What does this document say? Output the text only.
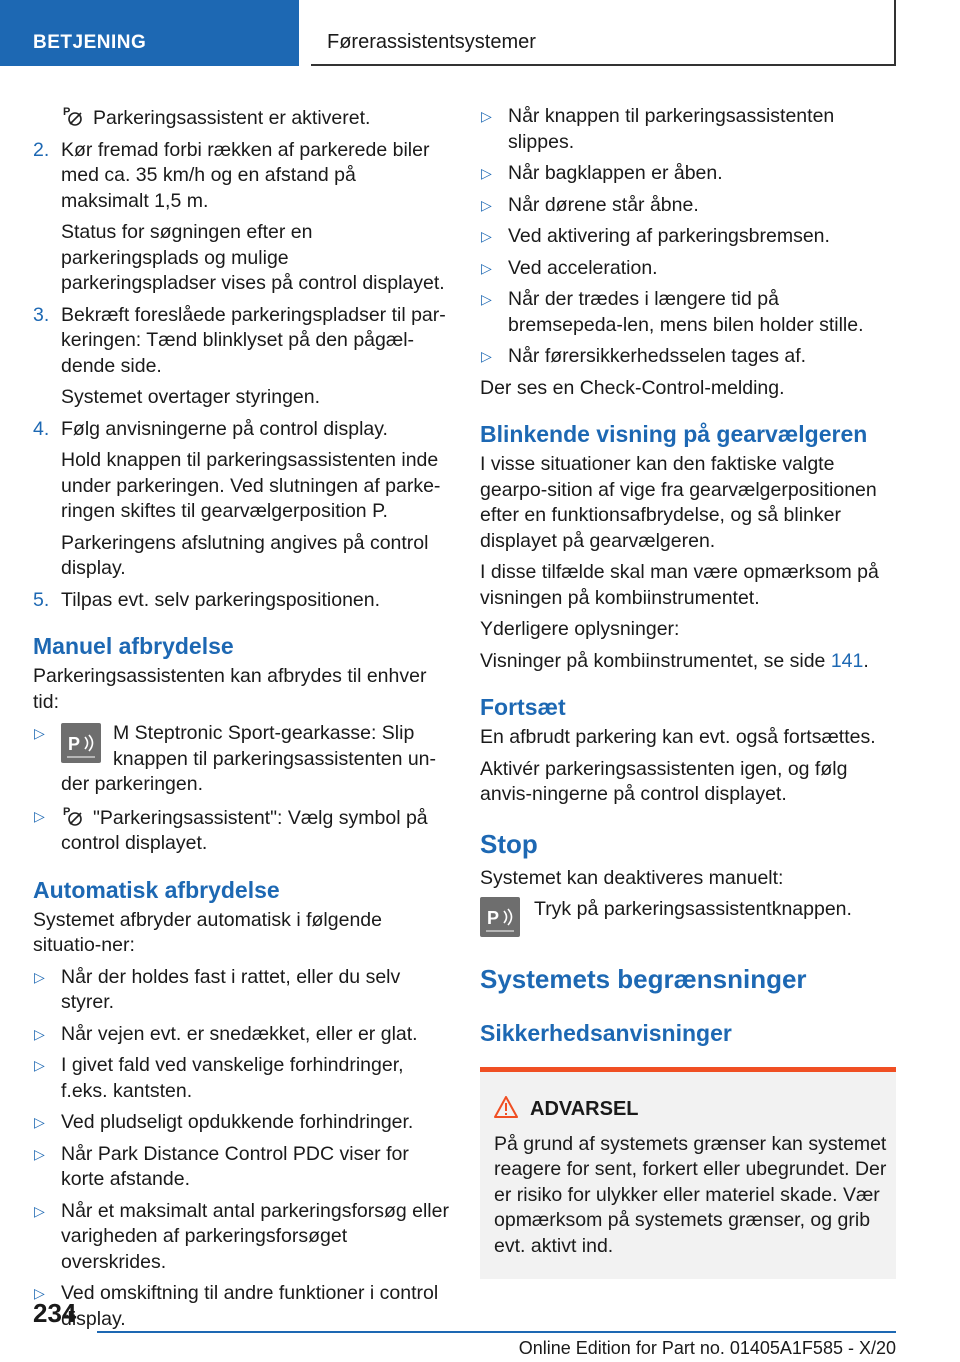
BETJENING	Førerassistentsystemer

P Parkeringsassistent er aktiveret.

2. Kør fremad forbi rækken af parkerede biler med ca. 35 km/h og en afstand på maksimalt 1,5 m.

Status for søgningen efter en parkeringsplads og mulige parkeringspladser vises på control displayet.

3. Bekræft foreslåede parkeringspladser til par‐keringen: Tænd blinklyset på den pågæl‐dende side.

Systemet overtager styringen.

4. Følg anvisningerne på control display.

Hold knappen til parkeringsassistenten inde under parkeringen. Ved slutningen af parke‐ringen skiftes til gearvælgerposition P.

Parkeringens afslutning angives på control display.

5. Tilpas evt. selv parkeringspositionen.
Manuel afbrydelse

Parkeringsassistenten kan afbrydes til enhver tid:

▷
P M Steptronic Sport-gearkasse: Slip knappen til parkeringsassistenten un‐der parkeringen.
▷ P "Parkeringsassistent": Vælg symbol på control displayet.
Automatisk afbrydelse

Systemet afbryder automatisk i følgende situatio‐ner:

▷ Når der holdes fast i rattet, eller du selv styrer.
▷ Når vejen evt. er snedækket, eller er glat.
▷ I givet fald ved vanskelige forhindringer, f.eks. kantsten.
▷ Ved pludseligt opdukkende forhindringer.
▷ Når Park Distance Control PDC viser for korte afstande.
▷ Når et maksimalt antal parkeringsforsøg eller varigheden af parkeringsforsøget overskrides.
▷ Ved omskiftning til andre funktioner i control display.
▷ Når knappen til parkeringsassistenten slippes.
▷ Når bagklappen er åben.
▷ Når dørene står åbne.
▷ Ved aktivering af parkeringsbremsen.
▷ Ved acceleration.
▷ Når der trædes i længere tid på bremsepeda‐len, mens bilen holder stille.
▷ Når førersikkerhedsselen tages af.

Der ses en Check-Control-melding.

Blinkende visning på gearvælgeren

I visse situationer kan den faktiske valgte gearpo‐sition af vige fra gearvælgerpositionen efter en funktionsafbrydelse, og så blinker displayet på gearvælgeren.

I disse tilfælde skal man være opmærksom på visningen på kombiinstrumentet.

Yderligere oplysninger:

Visninger på kombiinstrumentet, se side 141.

Fortsæt

En afbrudt parkering kan evt. også fortsættes.

Aktivér parkeringsassistenten igen, og følg anvis‐ningerne på control displayet.

Stop

Systemet kan deaktiveres manuelt:

P Tryk på parkeringsassistentknappen.
Systemets begrænsninger
Sikkerhedsanvisninger
ADVARSEL

På grund af systemets grænser kan systemet reagere for sent, forkert eller ubegrundet. Der er risiko for ulykker eller materiel skade. Vær opmærksom på systemets grænser, og grib evt. aktivt ind.

234
Online Edition for Part no. 01405A1F585 - X/20
